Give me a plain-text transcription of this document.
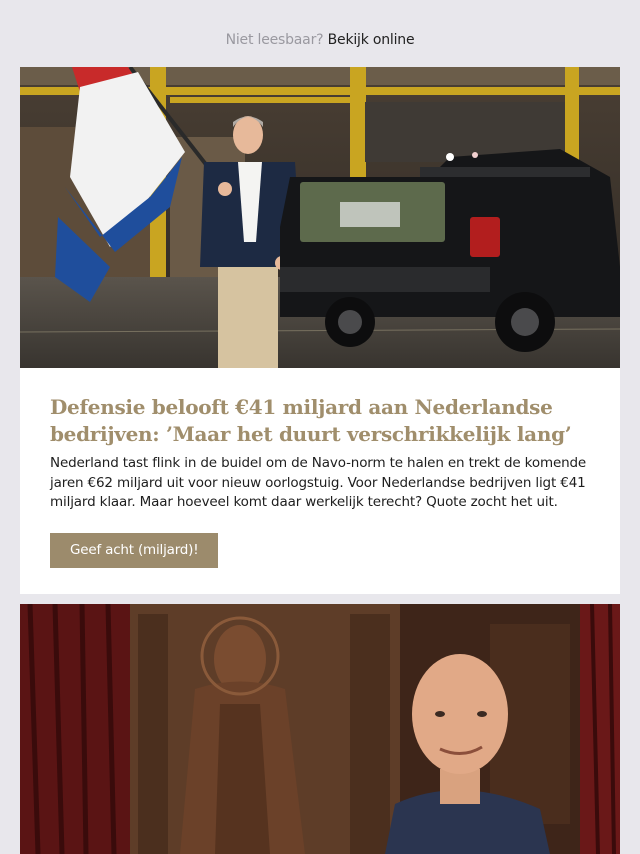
Niet leesbaar? Bekijk online
Defensie belooft €41 miljard aan Nederlandse bedrijven: ’Maar het duurt verschrikkelijk lang’

Nederland tast flink in de buidel om de Navo-norm te halen en trekt de komende jaren €62 miljard uit voor nieuw oorlogstuig. Voor Nederlandse bedrijven ligt €41 miljard klaar. Maar hoeveel komt daar werkelijk terecht? Quote zocht het uit.

Geef acht (miljard)!
